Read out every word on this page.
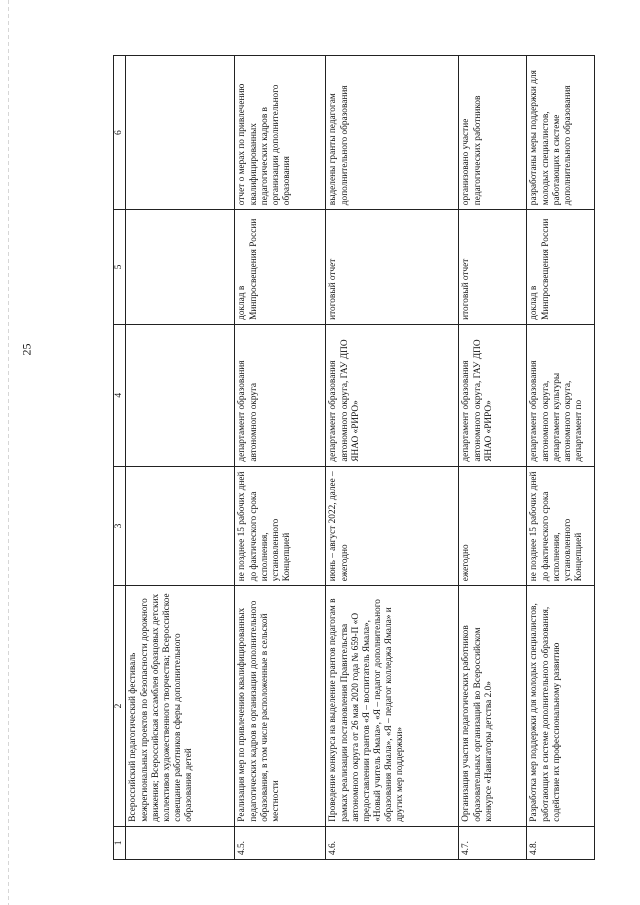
25
1	2	3	4	5	6
	Всероссийский педагогический фестиваль межрегиональных проектов по безопасности дорожного движения; Всероссийская ассамблея образцовых детских коллективов художественного творчества; Всероссийское совещание работников сферы дополнительного образования детей				
4.5.	Реализация мер по привлечению квалифицированных педагогических кадров в организации дополнительного образования, в том числе расположенные в сельской местности	не позднее 15 рабочих дней до фактического срока исполнения, установленного Концепцией	департамент образования автономного округа	доклад в Минпросвещения России	отчет о мерах по привлечению квалифицированных педагогических кадров в организации дополнительного образования
4.6.	Проведение конкурса на выделение грантов педагогам в рамках реализации постановления Правительства автономного округа от 26 мая 2020 года № 659-П «О предоставлении грантов «Я – воспитатель Ямала», «Новый учитель Ямала», «Я – педагог дополнительного образования Ямала», «Я – педагог колледжа Ямала» и других мер поддержки»	июнь – август 2022, далее – ежегодно	департамент образования автономного округа, ГАУ ДПО ЯНАО «РИРО»	итоговый отчет	выделены гранты педагогам дополнительного образования
4.7.	Организация участия педагогических работников образовательных организаций во Всероссийском конкурсе «Навигаторы детства 2.0»	ежегодно	департамент образования автономного округа, ГАУ ДПО ЯНАО «РИРО»	итоговый отчет	организовано участие педагогических работников
4.8.	Разработка мер поддержки для молодых специалистов, работающих в системе дополнительного образования, содействие их профессиональному развитию	не позднее 15 рабочих дней до фактического срока исполнения, установленного Концепцией	департамент образования автономного округа, департамент культуры автономного округа, департамент по	доклад в Минпросвещения России	разработаны меры поддержки для молодых специалистов, работающих в системе дополнительного образования
